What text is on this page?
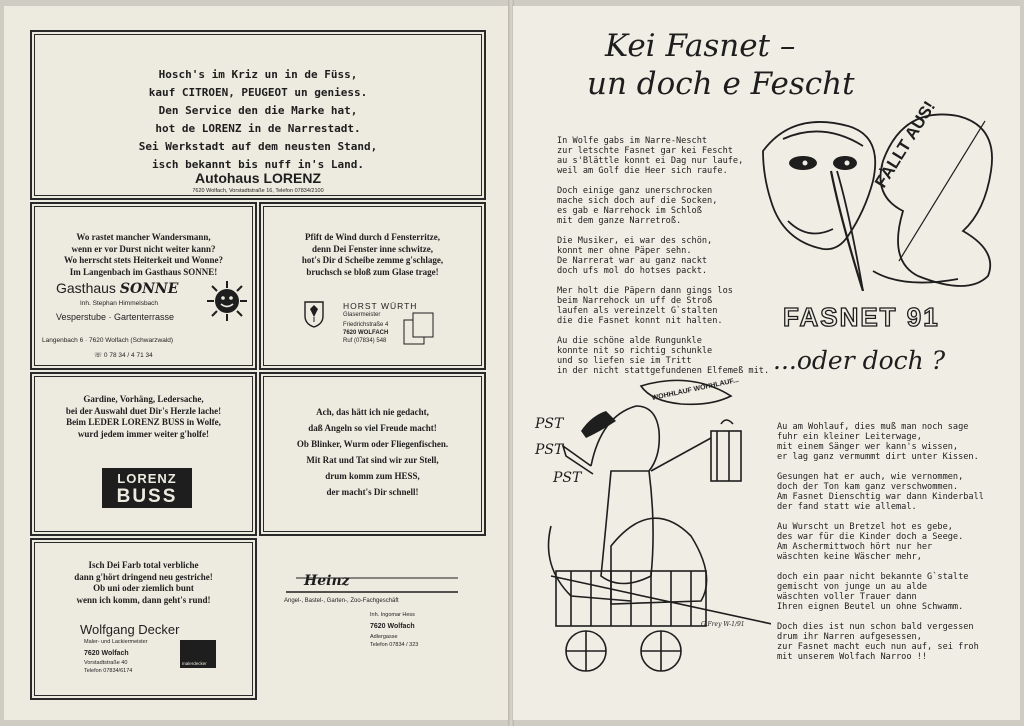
Hosch's im Kriz un in de Füss,
kauf CITROEN, PEUGEOT un geniess.
Den Service den die Marke hat,
hot de LORENZ in de Narrestadt.
Sei Werkstadt auf dem neusten Stand,
isch bekannt bis nuff in's Land.
Autohaus LORENZ
7620 Wolfach, Vorstadtstraße 16, Telefon 07834/2100
Wo rastet mancher Wandersmann,
wenn er vor Durst nicht weiter kann?
Wo herrscht stets Heiterkeit und Wonne?
Im Langenbach im Gasthaus SONNE!
Gasthaus SONNE
Inh. Stephan Himmelsbach
Vesperstube · Gartenterrasse
Langenbach 6 · 7620 Wolfach (Schwarzwald)
☏ 0 78 34 / 4 71 34
Pfift de Wind durch d Fensterritze,
denn Dei Fenster inne schwitze,
hot's Dir d Scheibe zemme g'schlage,
bruchsch se bloß zum Glase trage!
HORST WÜRTH
Glasermeister
Friedrichstraße 4
7620 WOLFACH
Ruf (07834) 548
Gardine, Vorhäng, Ledersache,
bei der Auswahl duet Dir's Herzle lache!
Beim LEDER LORENZ BUSS in Wolfe,
wurd jedem immer weiter g'holfe!
LORENZ
BUSS
Ach, das hätt ich nie gedacht,
daß Angeln so viel Freude macht!
Ob Blinker, Wurm oder Fliegenfischen.
Mit Rat und Tat sind wir zur Stell,
drum komm zum HESS,
der macht's Dir schnell!
Isch Dei Farb total verbliche
dann g'hört dringend neu gestriche!
Ob uni oder ziemlich bunt
wenn ich komm, dann geht's rund!
Wolfgang Decker
Maler- und Lackiermeister
7620 Wolfach
Vorstadtstraße 40
Telefon 07834/6174
malerdecker
Heinz
Angel-, Bastel-, Garten-, Zoo-Fachgeschäft
Inh. Ingomar Hess
7620 Wolfach
Adlergasse
Telefon 07834 / 323
Kei Fasnet –
un doch e Fescht
In Wolfe gabs im Narre-Nescht
zur letschte Fasnet gar kei Fescht
au s'Blättle konnt ei Dag nur laufe,
weil am Golf die Heer sich raufe.

Doch einige ganz unerschrocken
mache sich doch auf die Socken,
es gab e Narrehock im Schloß
mit dem ganze Narretroß.

Die Musiker, ei war des schön,
konnt mer ohne Päper sehn.
De Narrerat war au ganz nackt
doch ufs mol do hotses packt.

Mer holt die Päpern dann gings los
beim Narrehock un uff de Stroß
laufen als vereinzelt G`stalten
die die Fasnet konnt nit halten.

Au die schöne alde Rungunkle
konnte nit so richtig schunkle
und so liefen sie im Tritt
in der nicht stattgefundenen Elfemeß mit.
FÄLLT AUS!
FASNET 91
...oder doch ?
WOHHLAUF WOHHLAUF...
PST
PST
PST
G.Frey W-1/91
Au am Wohlauf, dies muß man noch sage
fuhr ein kleiner Leiterwage,
mit einem Sänger wer kann's wissen,
er lag ganz vermummt dirt unter Kissen.

Gesungen hat er auch, wie vernommen,
doch der Ton kam ganz verschwommen.
Am Fasnet Dienschtig war dann Kinderball
der fand statt wie allemal.

Au Wurscht un Bretzel hot es gebe,
des war für die Kinder doch a Seege.
Am Aschermittwoch hört nur her
wäschten keine Wäscher mehr,

doch ein paar nicht bekannte G`stalte
gemischt von junge un au alde
wäschten voller Trauer dann
Ihren eignen Beutel un ohne Schwamm.

Doch dies ist nun schon bald vergessen
drum ihr Narren aufgesessen,
zur Fasnet macht euch nun auf, sei froh
mit unserem Wolfach Narroo !!
